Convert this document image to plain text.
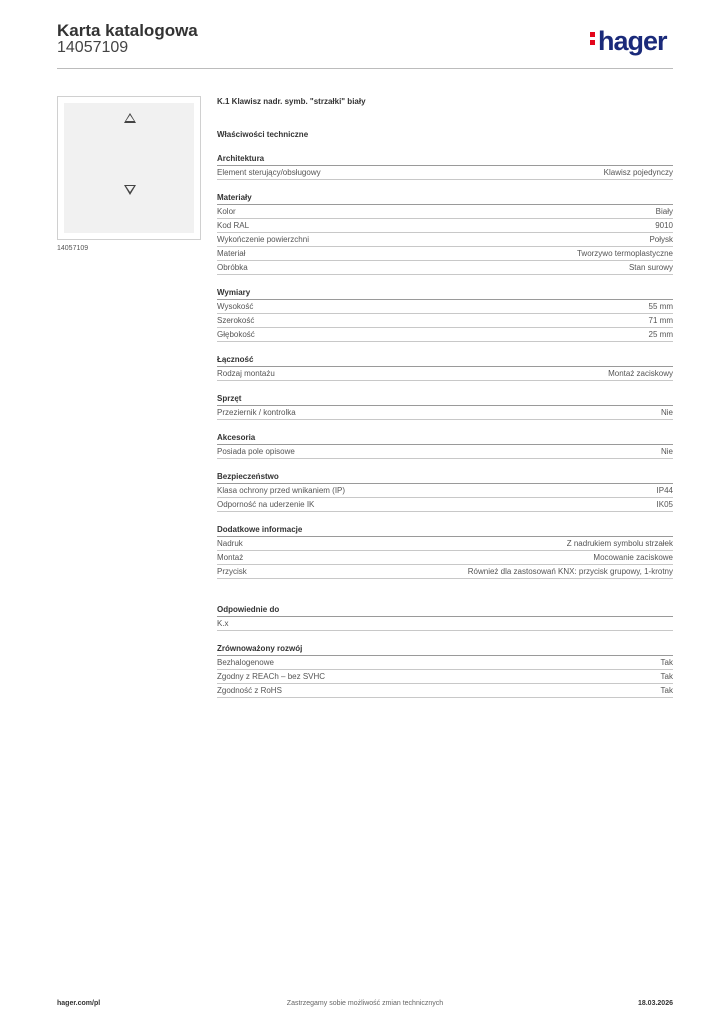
Karta katalogowa
14057109	hager
14057109
K.1 Klawisz nadr. symb. "strzałki" biały
Właściwości techniczne
Architektura
Element sterujący/obsługowy	Klawisz pojedynczy
Materiały
Kolor	Biały
Kod RAL	9010
Wykończenie powierzchni	Połysk
Materiał	Tworzywo termoplastyczne
Obróbka	Stan surowy
Wymiary
Wysokość	55 mm
Szerokość	71 mm
Głębokość	25 mm
Łączność
Rodzaj montażu	Montaż zaciskowy
Sprzęt
Przeziernik / kontrolka	Nie
Akcesoria
Posiada pole opisowe	Nie
Bezpieczeństwo
Klasa ochrony przed wnikaniem (IP)	IP44
Odporność na uderzenie IK	IK05
Dodatkowe informacje
Nadruk	Z nadrukiem symbolu strzałek
Montaż	Mocowanie zaciskowe
Przycisk	Również dla zastosowań KNX: przycisk grupowy, 1-krotny
Odpowiednie do
K.x
Zrównoważony rozwój
Bezhalogenowe	Tak
Zgodny z REACh – bez SVHC	Tak
Zgodność z RoHS	Tak
hager.com/pl	Zastrzegamy sobie możliwość zmian technicznych	18.03.2026
